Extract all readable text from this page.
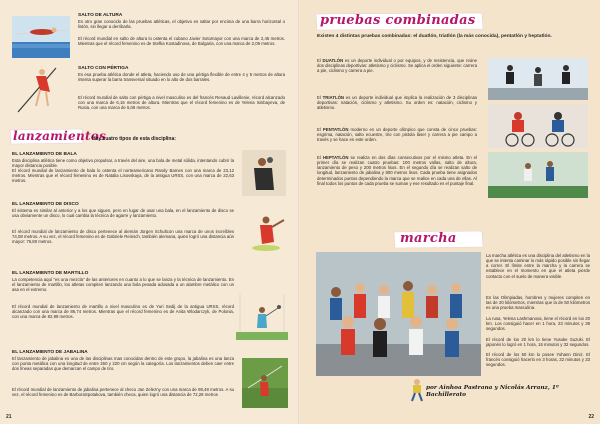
SALTO DE ALTURA

Es otro gran conocido de las pruebas atléticas, el objetivo es saltar por encima de una barra horizontal o listón, sin llegar a derribarla.

El récord mundial en salto de altura lo ostenta el cubano Javier Sotomayor con una marca de 2,45 metros. Mientras que el récord femenino es de Stefka Kostadinova, de Bulgaria, con una marca de 2,09 metros.

SALTO CON PÉRTIGA

Es esa prueba atlética donde el atleta, haciendo uso de una pértiga flexible de entre 4 y 5 metros de altura intenta superar la barra transversal situado en lo alto de dos barrales.

El récord mundial de salto con pértiga a nivel masculino es del francés Renaud Lavillenie, récord alcanzado con una marca de 6,16 metros de altura. Mientras que el récord femenino es de Yelena Isinbayeva, de Rusia, con una marca de 5,06 metros.

lanzamientos
Hay cuatro tipos de esta disciplina:
EL LANZAMIENTO DE BALA

Esta disciplina atlética tiene como objetivo propulsar, a través del aire, una bola de metal sólida, intentando cubrir la mayor distancia posible.

El récord mundial de lanzamiento de bala lo ostenta el norteamericano Randy Barnes con una marca de 23,12 metros. Mientras que el récord femenino es de Natalia Lisovskaya, de la antigua URSS, con una marca de 22,63 metros.

EL LANZAMIENTO DE DISCO

El sistema es similar al anterior y a los que siguen, pero en lugar de usar una bala, en el lanzamiento de disco se usa obviamente un disco, lo cual cambia la técnica de agarre y lanzamiento.

El récord mundial de lanzamiento de disco pertenece al alemán Jürgen Schultcon una marca de unos increíbles 74,08 metros. A su vez, el récord femenino es de Gabriele Reinsch, también alemana, quien logró una distancia aún mayor: 76,80 metros.

EL LANZAMIENTO DE MARTILLO

La competencia aquí "es una mezcla" de las anteriores en cuanto a lo que se lanza y la técnica de lanzamiento. En el lanzamiento de martillo, los atletas compiten lanzando una bola pesada adosada a un alambre metálico con un asa en el extremo.

El récord mundial de lanzamiento de martillo a nivel masculino es de Yuri Sedij de la antigua URSS, récord alcanzado con una marca de 86,74 metros. Mientras que el récord femenino es de Anita Wlodarczyk, de Polonia, con una marca de 82,98 metros.

EL LANZAMIENTO DE JABALINA

El lanzamiento de jabalina es una de las disciplinas mas conocidas dentro de este grupo, la jabalina es una lanza con punta metálica con una longitud de entre 260 y 220 cm según la categoría. Los lanzamientos deben caer entre dos líneas separadas que demarcan el campo de tiro.

El récord mundial de lanzamiento de jabalina pertenece al checo Jan Zelezny con una marca de 98,48 metros. A su vez, el récord femenino es de BarboraSpotakova, también checa, quien logró una distancia de 72,28 metros

21
pruebas combinadas

Existen 4 distintas pruebas combinadas: el duatlón, triatlón (la más conocida), pentatlón y heptatlón.

El DUATLÓN es un deporte individual o por equipos, y de resistencia, que reúne dos disciplinas deportivas: atletismo y ciclismo. Se aplica el orden siguiente: carrera a pie, ciclismo y carrera a pie.

El TRIATLÓN es un deporte individual que implica la realización de 3 disciplinas deportivas: natación, ciclismo y atletismo. Su orden es: natación, ciclismo y atletismo.

El PENTATLÓN moderno es un deporte olímpico que consta de cinco pruebas: esgrima, natación, salto ecuestre, tiro con pistola láser y carrera a pie campo a través y se hace en este orden.

El HEPTATLÓN se realiza en dos días consecutivos por el mismo atleta. En el primer día se realizan cuatro pruebas: 100 metros vallas, salto de altura, lanzamiento de peso y 200 metros lisos. En el segundo día se realizan salto de longitud, lanzamiento de jabalina y 800 metros lisos. Cada prueba tiene asignados determinados puntos dependiendo la marca que se realice en cada una de ellas. Al final todos los puntos de cada prueba se suman y ese resultado es el puntaje final.

marcha

La marcha atlética es una disciplina del atletismo en la que se intenta caminar lo más rápido posible sin llegar a correr. El límite entre la marcha y la carrera se establece en el momento en que el atleta pierde contacto con el suelo de manera visible.

En las Olimpiadas, hombres y mujeres compiten en las de 20 kilómetros, mientras que la de 50 kilómetros es una prueba masculina.

La rusa, Yelena Lashmanova, tiene el récord en los 20 km. Los consiguió hacer en 1 hora, 23 minutos y 39 segundos.

El récord de los 20 km lo tiene Yusuke Suzuki. El japonés lo logró en 1 hora, 16 minutos y 32 segundos.

El récord de los 50 km lo posee Yohann Diniz. El francés consiguió hacerlo en 3 horas, 32 minutos y 33 segundos.

por Ainhoa Pastrana y Nicolás Arranz, 1º Bachillerato
22
